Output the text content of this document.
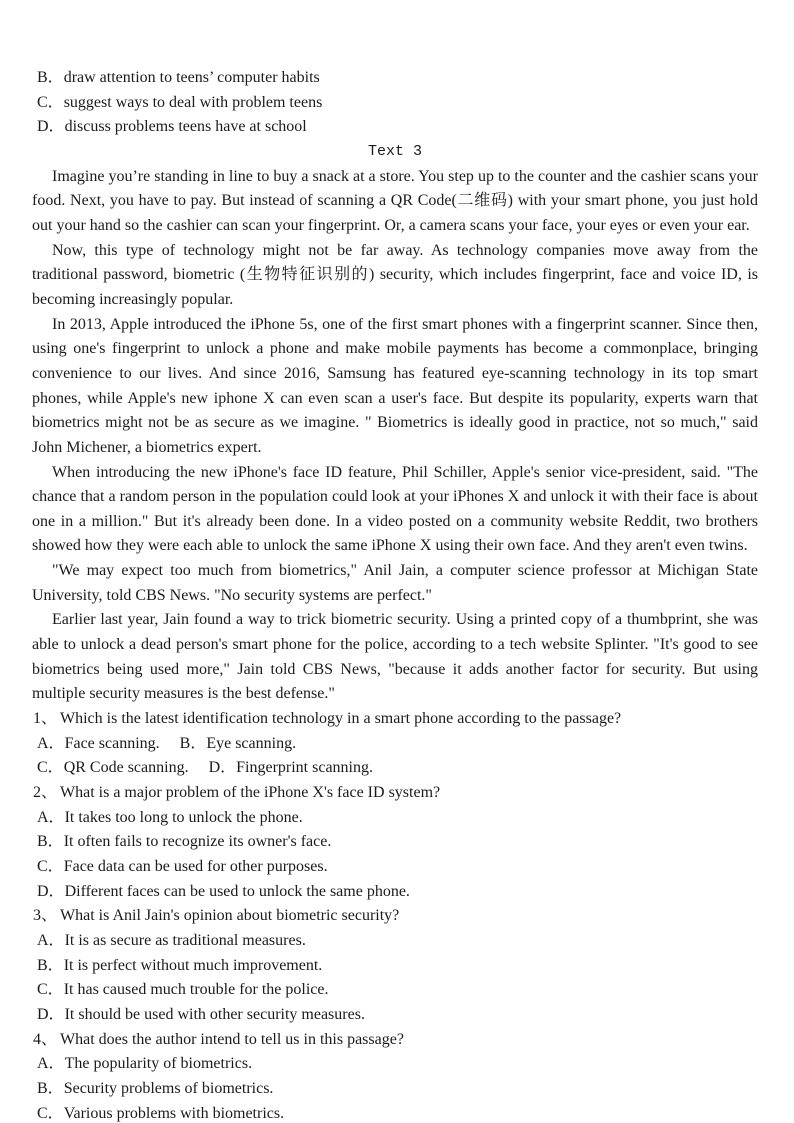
B．draw attention to teens’ computer habits
C．suggest ways to deal with problem teens
D．discuss problems teens have at school
Text 3

Imagine you’re standing in line to buy a snack at a store. You step up to the counter and the cashier scans your food. Next, you have to pay. But instead of scanning a QR Code(二维码) with your smart phone, you just hold out your hand so the cashier can scan your fingerprint. Or, a camera scans your face, your eyes or even your ear.

Now, this type of technology might not be far away. As technology companies move away from the traditional password, biometric (生物特征识别的) security, which includes fingerprint, face and voice ID, is becoming increasingly popular.

In 2013, Apple introduced the iPhone 5s, one of the first smart phones with a fingerprint scanner. Since then, using one's fingerprint to unlock a phone and make mobile payments has become a commonplace, bringing convenience to our lives. And since 2016, Samsung has featured eye-scanning technology in its top smart phones, while Apple's new iphone X can even scan a user's face. But despite its popularity, experts warn that biometrics might not be as secure as we imagine. " Biometrics is ideally good in practice, not so much," said John Michener, a biometrics expert.

When introducing the new iPhone's face ID feature, Phil Schiller, Apple's senior vice-president, said. "The chance that a random person in the population could look at your iPhones X and unlock it with their face is about one in a million." But it's already been done. In a video posted on a community website Reddit, two brothers showed how they were each able to unlock the same iPhone X using their own face. And they aren't even twins.

"We may expect too much from biometrics," Anil Jain, a computer science professor at Michigan State University, told CBS News. "No security systems are perfect."

Earlier last year, Jain found a way to trick biometric security. Using a printed copy of a thumbprint, she was able to unlock a dead person's smart phone for the police, according to a tech website Splinter. "It's good to see biometrics being used more," Jain told CBS News, "because it adds another factor for security. But using multiple security measures is the best defense."

1、 Which is the latest identification technology in a smart phone according to the passage?
A．Face scanning. B．Eye scanning.
C．QR Code scanning. D．Fingerprint scanning.
2、 What is a major problem of the iPhone X's face ID system?
A．It takes too long to unlock the phone.
B．It often fails to recognize its owner's face.
C．Face data can be used for other purposes.
D．Different faces can be used to unlock the same phone.
3、 What is Anil Jain's opinion about biometric security?
A．It is as secure as traditional measures.
B．It is perfect without much improvement.
C．It has caused much trouble for the police.
D．It should be used with other security measures.
4、 What does the author intend to tell us in this passage?
A．The popularity of biometrics.
B．Security problems of biometrics.
C．Various problems with biometrics.
